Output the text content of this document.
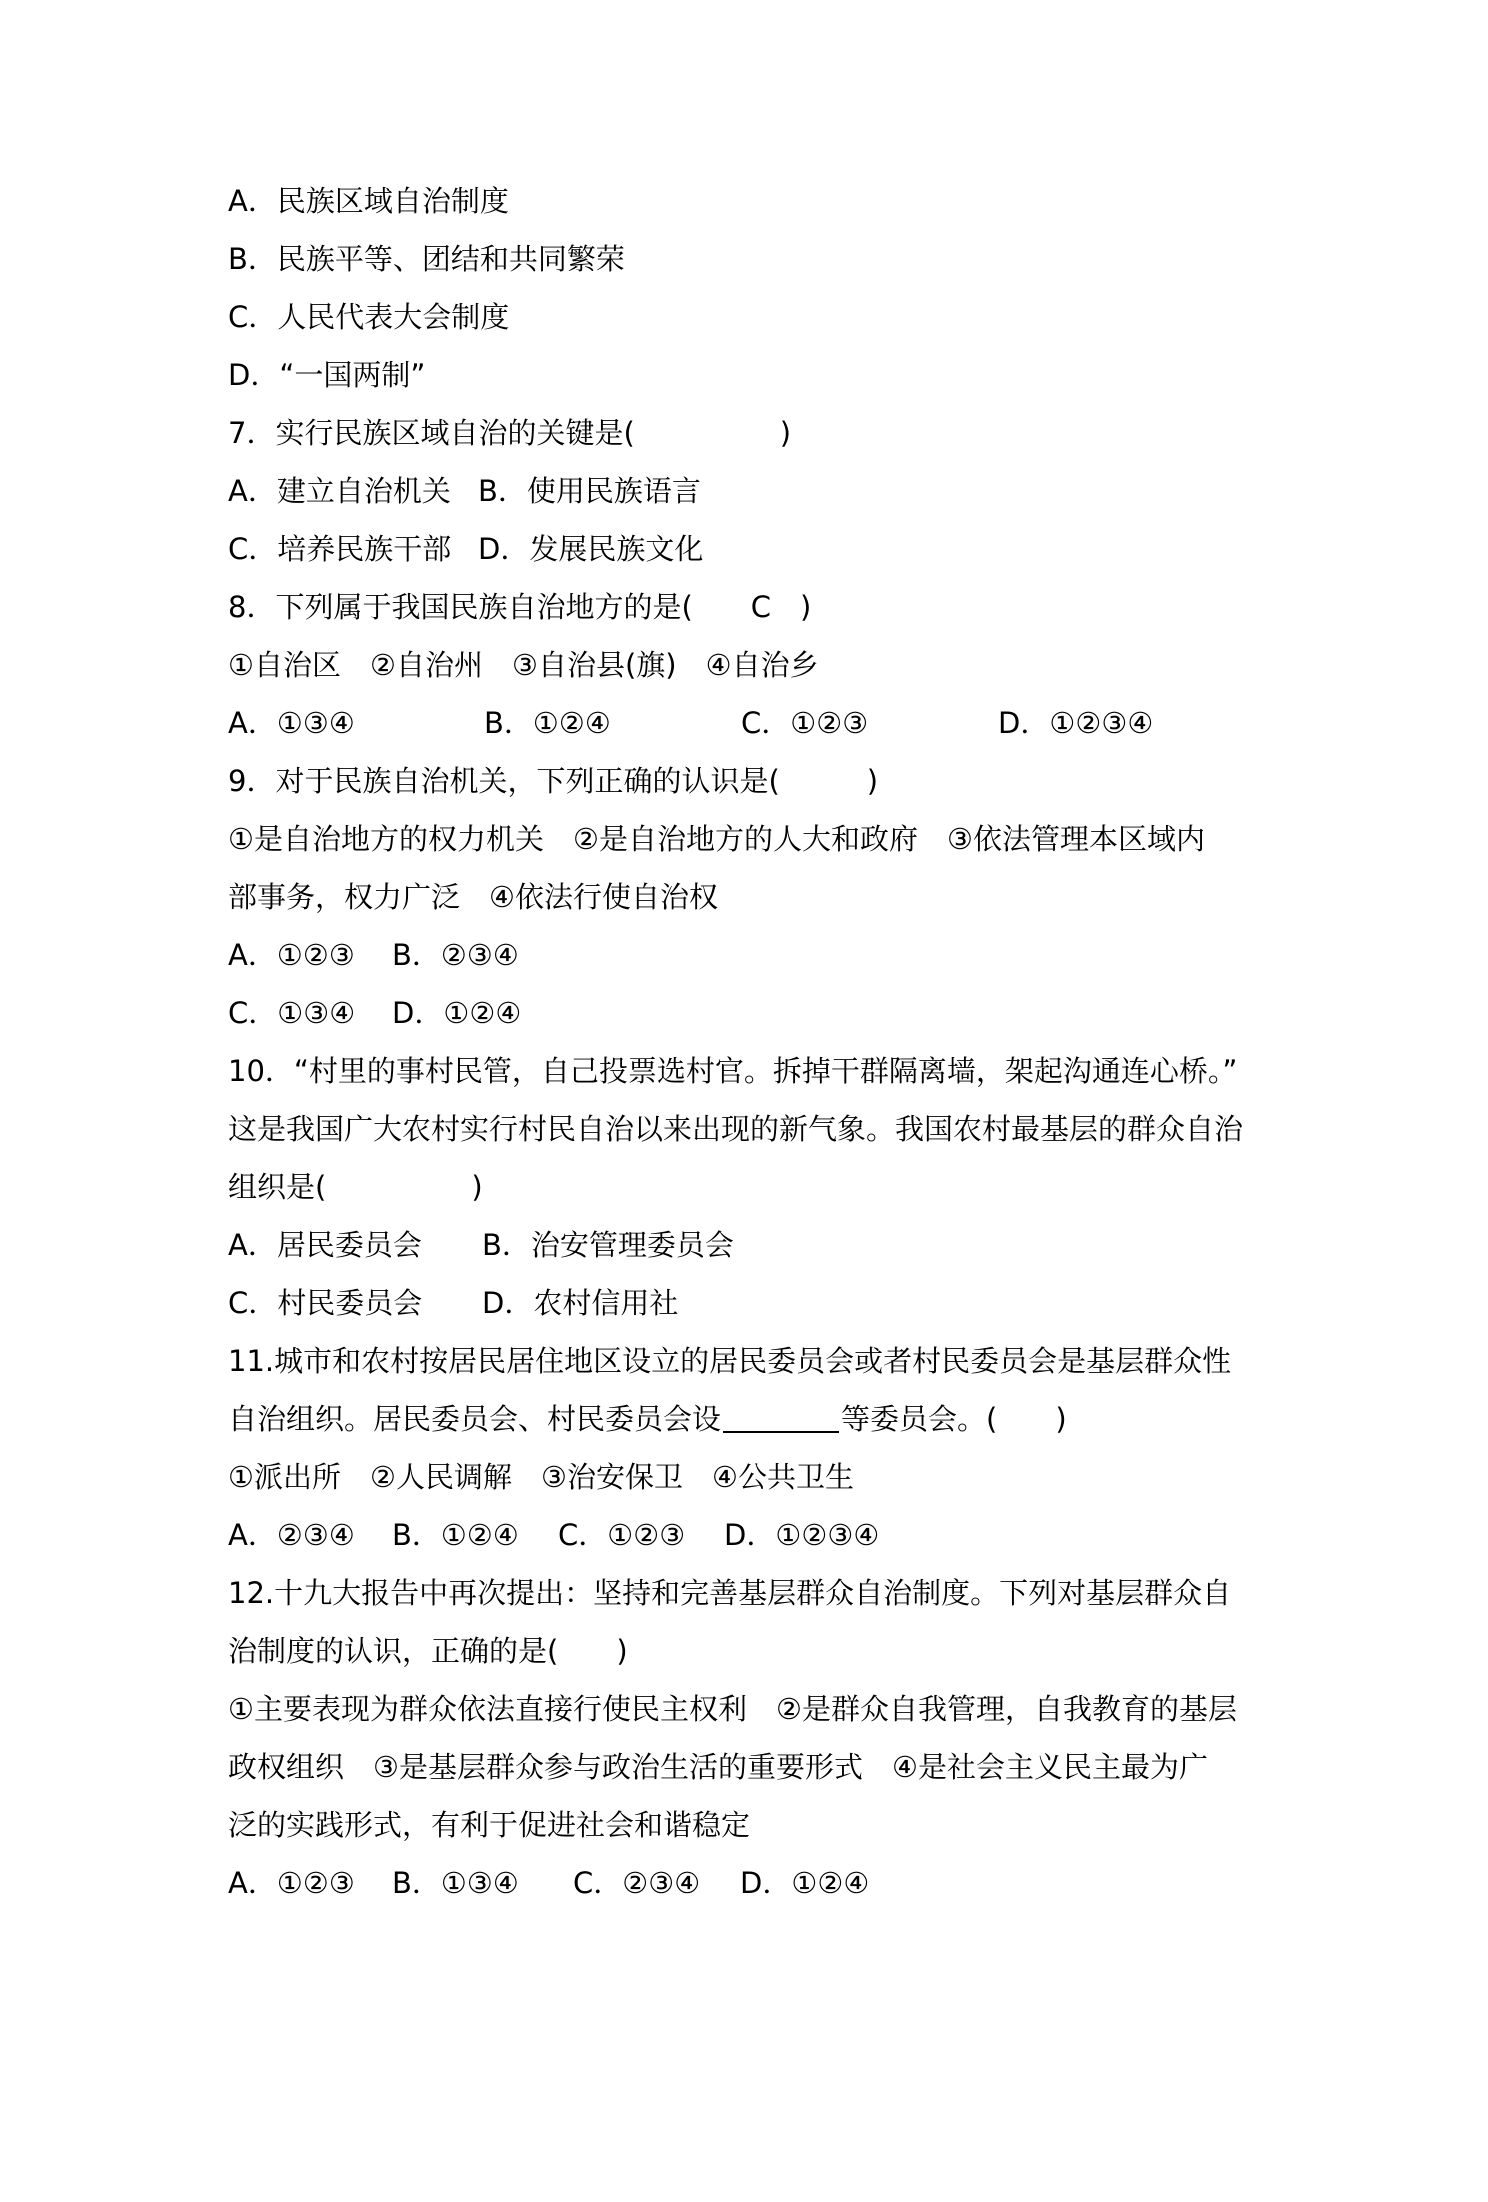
A．民族区域自治制度
B．民族平等、团结和共同繁荣
C．人民代表大会制度
D．“一国两制”
7．实行民族区域自治的关键是(　　　　　)

A．建立自治机关

B．使用民族语言

C．培养民族干部

D．发展民族文化

8．下列属于我国民族自治地方的是(　　C　)
①自治区　②自治州　③自治县(旗)　④自治乡

A．①③④

	B．①②④

	C．①②③

	D．①②③④

9．对于民族自治机关，下列正确的认识是(　　　)
①是自治地方的权力机关　②是自治地方的人大和政府　③依法管理本区域内
部事务，权力广泛　④依法行使自治权

A．①②③

B．②③④

C．①③④

D．①②④

10．“村里的事村民管，自己投票选村官。拆掉干群隔离墙，架起沟通连心桥。”
这是我国广大农村实行村民自治以来出现的新气象。我国农村最基层的群众自治
组织是(　　　　　)

A．居民委员会

B．治安管理委员会

C．村民委员会

D．农村信用社

11.城市和农村按居民居住地区设立的居民委员会或者村民委员会是基层群众性
自治组织。居民委员会、村民委员会设	等委员会。(　　)
①派出所　②人民调解　③治安保卫　④公共卫生

A．②③④

B．①②④

C．①②③

D．①②③④

12.十九大报告中再次提出：坚持和完善基层群众自治制度。下列对基层群众自
治制度的认识，正确的是(　　)
①主要表现为群众依法直接行使民主权利　②是群众自我管理，自我教育的基层
政权组织　③是基层群众参与政治生活的重要形式　④是社会主义民主最为广
泛的实践形式，有利于促进社会和谐稳定

A．①②③

B．①③④

C．②③④

D．①②④
